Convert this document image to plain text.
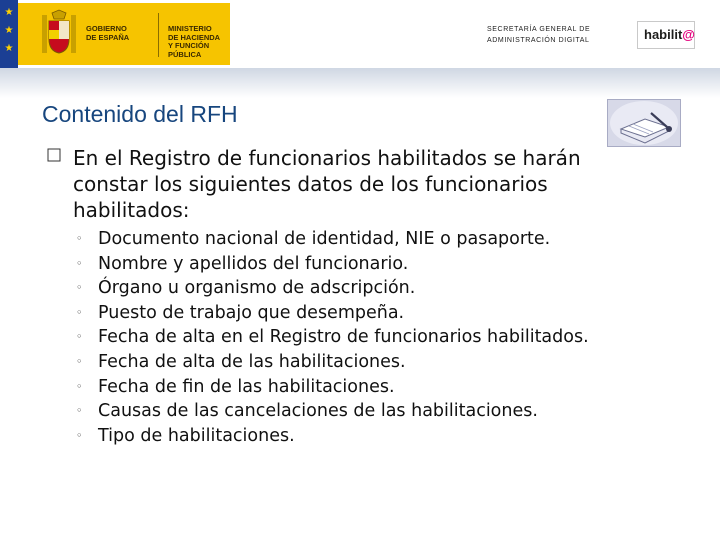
★
★
★
GOBIERNO
DE ESPAÑA
MINISTERIO
DE HACIENDA
Y FUNCIÓN PÚBLICA
SECRETARÍA GENERAL DE
ADMINISTRACIÓN DIGITAL	habilit@
Contenido del RFH
En el Registro de funcionarios habilitados se harán constar los siguientes datos de los funcionarios habilitados:
◦ Documento nacional de identidad, NIE o pasaporte.
◦ Nombre y apellidos del funcionario.
◦ Órgano u organismo de adscripción.
◦ Puesto de trabajo que desempeña.
◦ Fecha de alta en el Registro de funcionarios habilitados.
◦ Fecha de alta de las habilitaciones.
◦ Fecha de fin de las habilitaciones.
◦ Causas de las cancelaciones de las habilitaciones.
◦ Tipo de habilitaciones.
